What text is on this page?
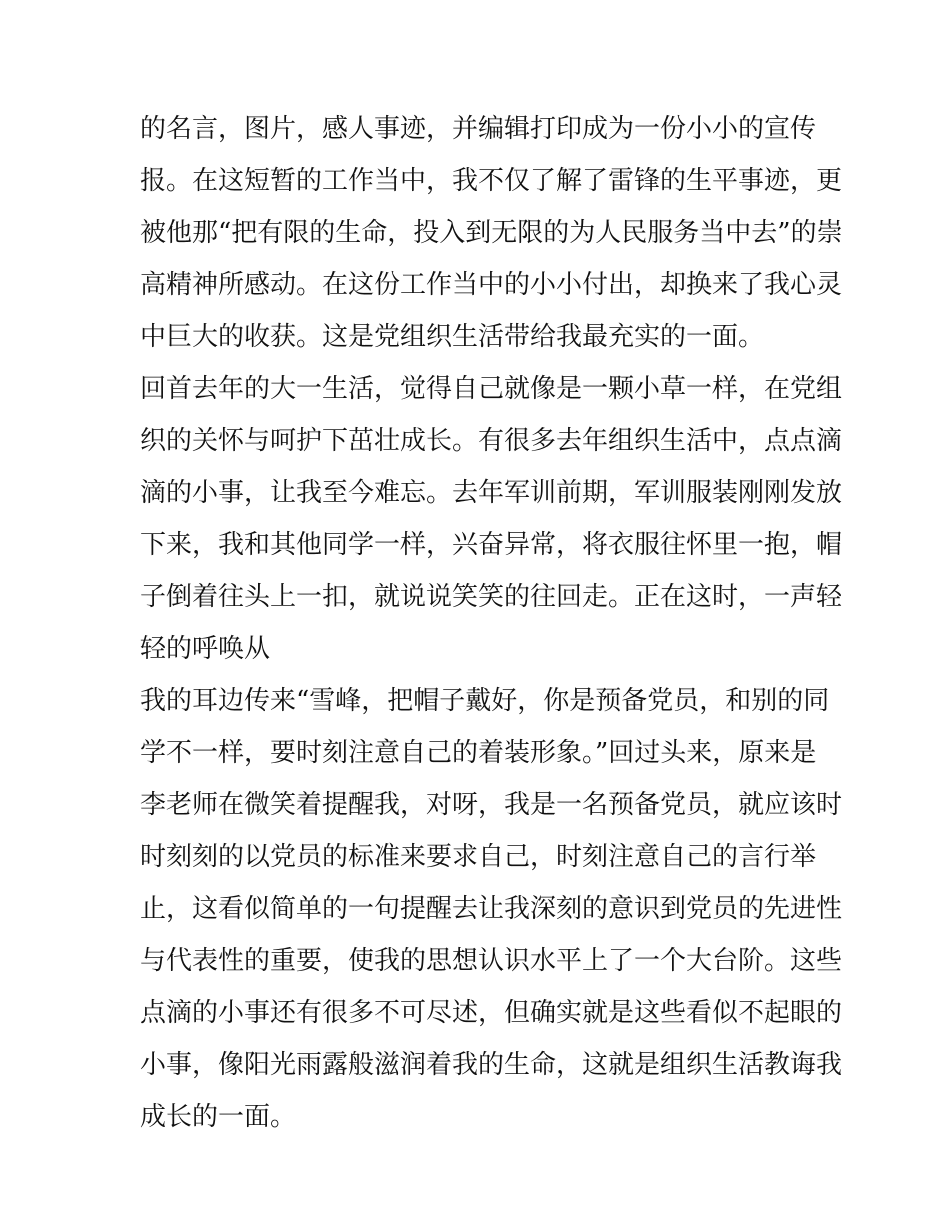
的名言，图片，感人事迹，并编辑打印成为一份小小的宣传
报。在这短暂的工作当中，我不仅了解了雷锋的生平事迹，更
被他那“把有限的生命，投入到无限的为人民服务当中去”的崇
高精神所感动。在这份工作当中的小小付出，却换来了我心灵
中巨大的收获。这是党组织生活带给我最充实的一面。
回首去年的大一生活，觉得自己就像是一颗小草一样，在党组
织的关怀与呵护下茁壮成长。有很多去年组织生活中，点点滴
滴的小事，让我至今难忘。去年军训前期，军训服装刚刚发放
下来，我和其他同学一样，兴奋异常，将衣服往怀里一抱，帽
子倒着往头上一扣，就说说笑笑的往回走。正在这时，一声轻
轻的呼唤从
我的耳边传来“雪峰，把帽子戴好，你是预备党员，和别的同
学不一样，要时刻注意自己的着装形象。”回过头来，原来是
李老师在微笑着提醒我，对呀，我是一名预备党员，就应该时
时刻刻的以党员的标准来要求自己，时刻注意自己的言行举
止，这看似简单的一句提醒去让我深刻的意识到党员的先进性
与代表性的重要，使我的思想认识水平上了一个大台阶。这些
点滴的小事还有很多不可尽述，但确实就是这些看似不起眼的
小事，像阳光雨露般滋润着我的生命，这就是组织生活教诲我
成长的一面。
